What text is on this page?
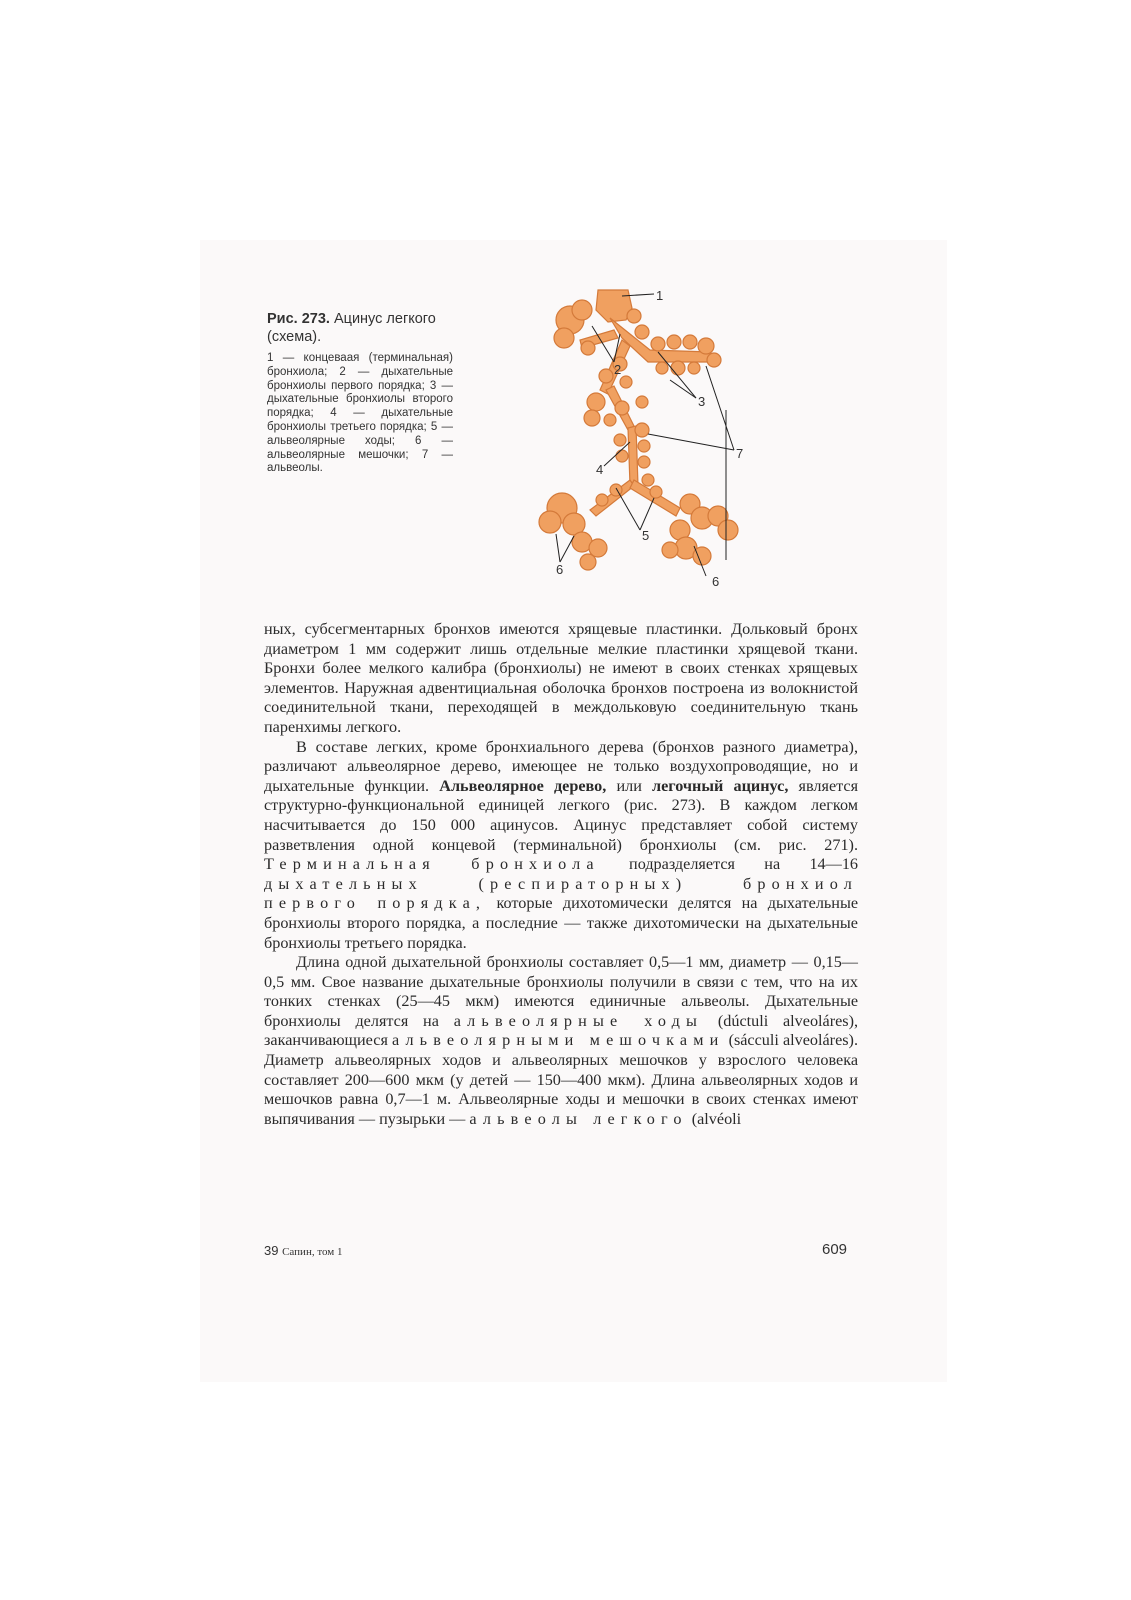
Рис. 273. Ацинус легкого (схема).

1 — концеваая (терминальная) бронхиола; 2 — дыхательные бронхиолы первого порядка; 3 — дыхательные бронхиолы второго порядка; 4 — дыхательные бронхиолы третьего порядка; 5 — альвеолярные ходы; 6 — альвеолярные мешочки; 7 — альвеолы.

1
2
3
4
5
6
6
7

ных, субсегментарных бронхов имеются хрящевые пластинки. Дольковый бронх диаметром 1 мм содержит лишь отдельные мелкие пластинки хрящевой ткани. Бронхи более мелкого калибра (бронхиолы) не имеют в своих стенках хрящевых элементов. Наружная адвентициальная оболочка бронхов построена из волокнистой соединительной ткани, переходящей в междольковую соединительную ткань паренхимы легкого.

В составе легких, кроме бронхиального дерева (бронхов разного диаметра), различают альвеолярное дерево, имеющее не только воздухопроводящие, но и дыхательные функции. Альвеолярное дерево, или легочный ацинус, является структурно-функциональной единицей легкого (рис. 273). В каждом легком насчитывается до 150 000 ацинусов. Ацинус представляет собой систему разветвления одной концевой (терминальной) бронхиолы (см. рис. 271). Терминальная бронхиола подразделяется на 14—16 дыхательных (респираторных) бронхиол первого порядка, которые дихотомически делятся на дыхательные бронхиолы второго порядка, а последние — также дихотомически на дыхательные бронхиолы третьего порядка.

Длина одной дыхательной бронхиолы составляет 0,5—1 мм, диаметр — 0,15—0,5 мм. Свое название дыхательные бронхиолы получили в связи с тем, что на их тонких стенках (25—45 мкм) имеются единичные альвеолы. Дыхательные бронхиолы делятся на альвеолярные ходы (dúctuli alveoláres), заканчивающиеся альвеолярными мешочками (sácculi alveoláres). Диаметр альвеолярных ходов и альвеолярных мешочков у взрослого человека составляет 200—600 мкм (у детей — 150—400 мкм). Длина альвеолярных ходов и мешочков равна 0,7—1 м. Альвеолярные ходы и мешочки в своих стенках имеют выпячивания — пузырьки — альвеолы легкого (alvéoli

39 Сапин, том 1	609
